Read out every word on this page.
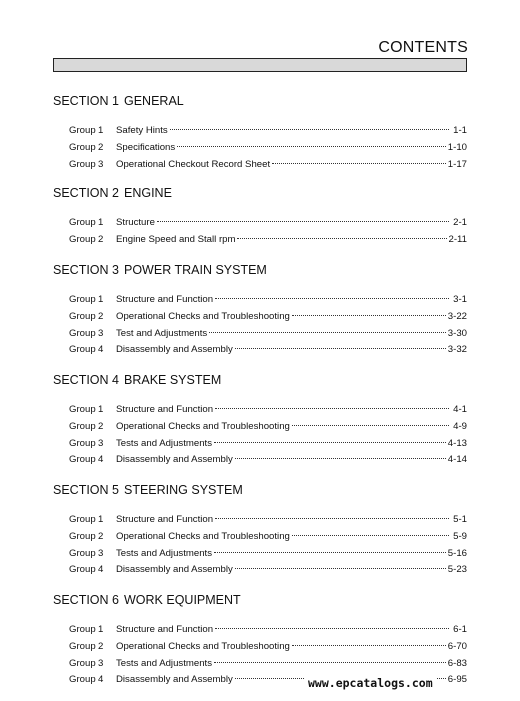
CONTENTS
SECTION 1 GENERAL
Group 1	Safety Hints	1-1
Group 2	Specifications	1-10
Group 3	Operational Checkout Record Sheet	1-17
SECTION 2 ENGINE
Group 1	Structure	2-1
Group 2	Engine Speed and Stall rpm	2-11
SECTION 3 POWER TRAIN SYSTEM
Group 1	Structure and Function	3-1
Group 2	Operational Checks and Troubleshooting	3-22
Group 3	Test and Adjustments	3-30
Group 4	Disassembly and Assembly	3-32
SECTION 4 BRAKE SYSTEM
Group 1	Structure and Function	4-1
Group 2	Operational Checks and Troubleshooting	4-9
Group 3	Tests and Adjustments	4-13
Group 4	Disassembly and Assembly	4-14
SECTION 5 STEERING SYSTEM
Group 1	Structure and Function	5-1
Group 2	Operational Checks and Troubleshooting	5-9
Group 3	Tests and Adjustments	5-16
Group 4	Disassembly and Assembly	5-23
SECTION 6 WORK EQUIPMENT
Group 1	Structure and Function	6-1
Group 2	Operational Checks and Troubleshooting	6-70
Group 3	Tests and Adjustments	6-83
Group 4	Disassembly and Assembly	6-95
www.epcatalogs.com
